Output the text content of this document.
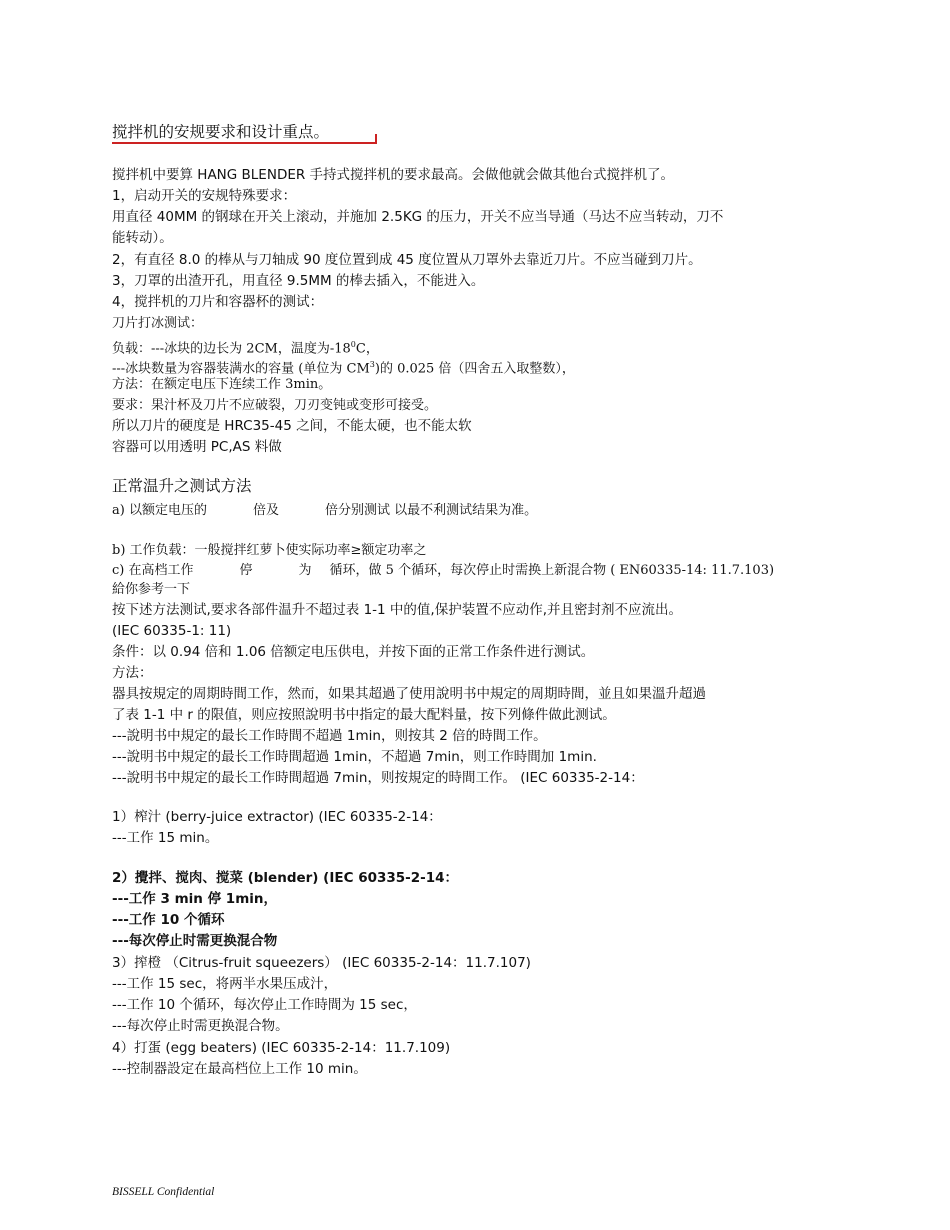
搅拌机的安规要求和设计重点。
搅拌机中要算 HANG BLENDER 手持式搅拌机的要求最高。会做他就会做其他台式搅拌机了。
1，启动开关的安规特殊要求：
用直径 40MM 的钢球在开关上滚动，并施加 2.5KG 的压力，开关不应当导通（马达不应当转动，刀不
能转动）。
2，有直径 8.0 的棒从与刀轴成 90 度位置到成 45 度位置从刀罩外去靠近刀片。不应当碰到刀片。
3，刀罩的出渣开孔，用直径 9.5MM 的棒去插入，不能进入。
4，搅拌机的刀片和容器杯的测试：
刀片打冰测试：
负载：---冰块的边长为 2CM，温度为$-18^0C$，
---冰块数量为容器装满水的容量 (单位为 $CM^3$)的 0.025 倍（四舍五入取整数），
方法：在额定电压下连续工作 3min。
要求：果汁杯及刀片不应破裂，刀刃变钝或变形可接受。
所以刀片的硬度是 HRC35-45 之间，不能太硬，也不能太软
容器可以用透明 PC,AS 料做
正常温升之测试方法
a) 以额定电压的	倍及	倍分别测试 以最不利测试结果为准。
b) 工作负载：一般搅拌红萝卜使实际功率≥额定功率之
c) 在高档工作	停	为 循环，做 5 个循环，每次停止时需换上新混合物 ( EN60335-14: 11.7.103)
給你参考一下
按下述方法测试,要求各部件温升不超过表 1-1 中的值,保护装置不应动作,并且密封剂不应流出。
(IEC 60335-1: 11)
条件：以 0.94 倍和 1.06 倍额定电压供电，并按下面的正常工作条件进行测试。
方法：
器具按規定的周期時間工作，然而，如果其超過了使用說明书中規定的周期時間，並且如果溫升超過
了表 1-1 中 r 的限值，则应按照說明书中指定的最大配料量，按下列條件做此测试。
---說明书中規定的最长工作時間不超過 1min，则按其 2 倍的時間工作。
---說明书中規定的最长工作時間超過 1min，不超過 7min，则工作時間加 1min.
---說明书中規定的最长工作時間超過 7min，则按規定的時間工作。 (IEC 60335-2-14：
1）榨汁 (berry-juice extractor) (IEC 60335-2-14：
---工作 15 min。
2）攪拌、搅肉、搅菜 (blender) (IEC 60335-2-14：
---工作 3 min 停 1min，
---工作 10 个循环
---每次停止时需更换混合物
3）搾橙 （Citrus-fruit squeezers） (IEC 60335-2-14：11.7.107)
---工作 15 sec，将两半水果压成汁，
---工作 10 个循环，每次停止工作時間为 15 sec，
---每次停止时需更换混合物。
4）打蛋 (egg beaters) (IEC 60335-2-14：11.7.109)
---控制器設定在最高档位上工作 10 min。
BISSELL Confidential
